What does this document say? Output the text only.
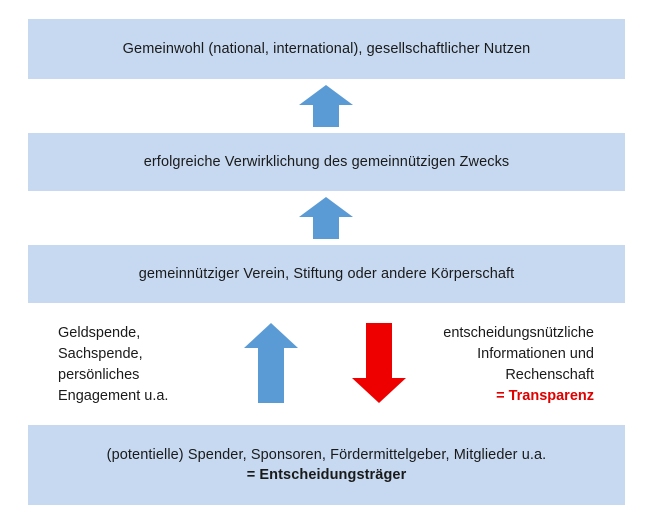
Gemeinwohl (national, international), gesellschaftlicher Nutzen
erfolgreiche Verwirklichung des gemeinnützigen Zwecks
gemeinnütziger Verein, Stiftung oder andere Körperschaft
Geldspende,
Sachspende,
persönliches
Engagement u.a.
entscheidungsnützliche
Informationen und
Rechenschaft
= Transparenz
(potentielle) Spender, Sponsoren, Fördermittelgeber, Mitglieder u.a.
= Entscheidungsträger
